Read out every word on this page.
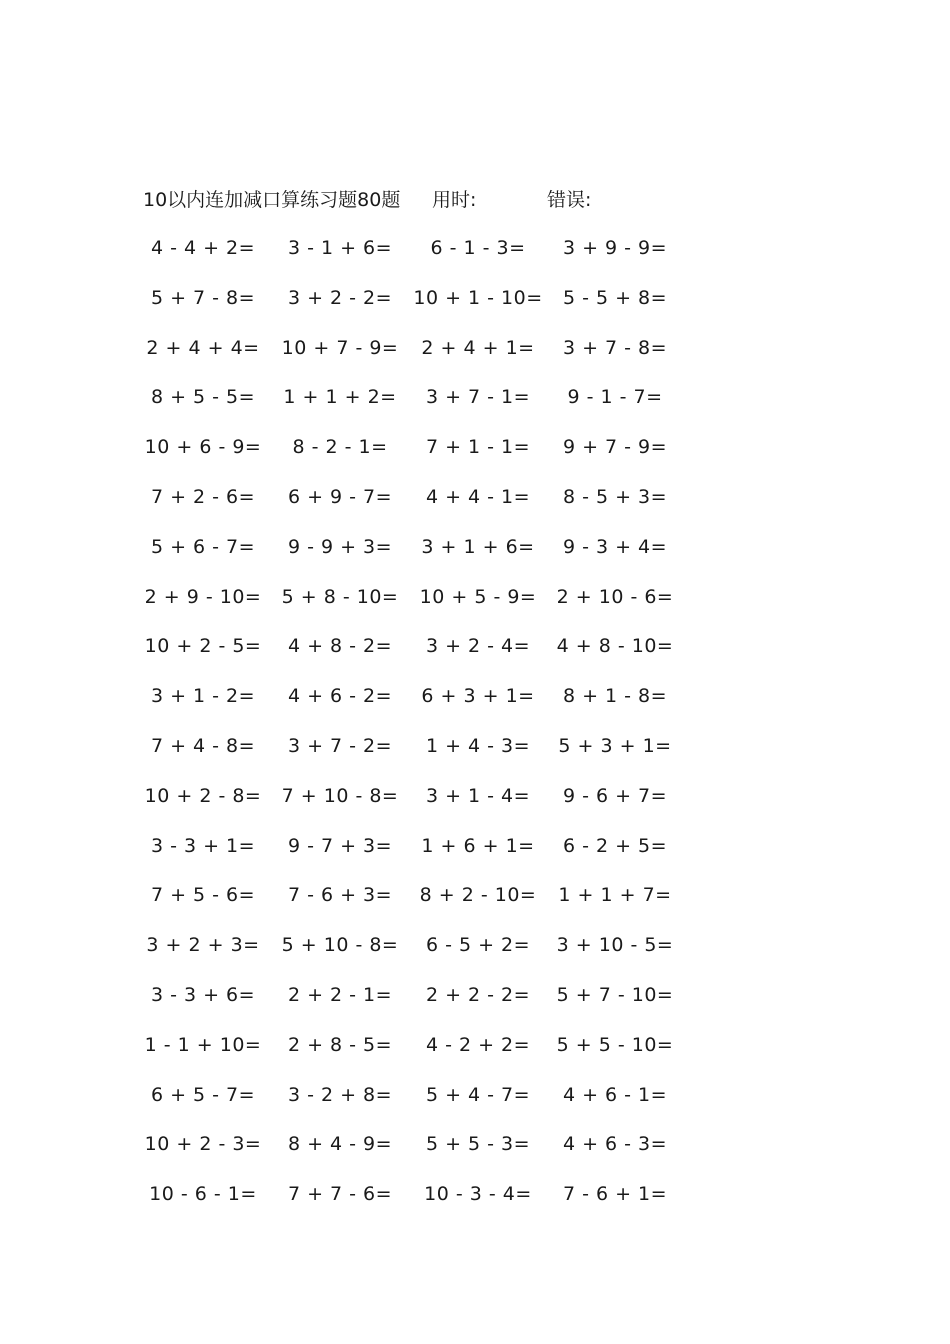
10以内连加减口算练习题80题 用时:	错误:
4 - 4 + 2= 3 - 1 + 6= 6 - 1 - 3= 3 + 9 - 9=
5 + 7 - 8= 3 + 2 - 2= 10 + 1 - 10= 5 - 5 + 8=
2 + 4 + 4= 10 + 7 - 9= 2 + 4 + 1= 3 + 7 - 8=
8 + 5 - 5= 1 + 1 + 2= 3 + 7 - 1= 9 - 1 - 7=
10 + 6 - 9= 8 - 2 - 1= 7 + 1 - 1= 9 + 7 - 9=
7 + 2 - 6= 6 + 9 - 7= 4 + 4 - 1= 8 - 5 + 3=
5 + 6 - 7= 9 - 9 + 3= 3 + 1 + 6= 9 - 3 + 4=
2 + 9 - 10= 5 + 8 - 10= 10 + 5 - 9= 2 + 10 - 6=
10 + 2 - 5= 4 + 8 - 2= 3 + 2 - 4= 4 + 8 - 10=
3 + 1 - 2= 4 + 6 - 2= 6 + 3 + 1= 8 + 1 - 8=
7 + 4 - 8= 3 + 7 - 2= 1 + 4 - 3= 5 + 3 + 1=
10 + 2 - 8= 7 + 10 - 8= 3 + 1 - 4= 9 - 6 + 7=
3 - 3 + 1= 9 - 7 + 3= 1 + 6 + 1= 6 - 2 + 5=
7 + 5 - 6= 7 - 6 + 3= 8 + 2 - 10= 1 + 1 + 7=
3 + 2 + 3= 5 + 10 - 8= 6 - 5 + 2= 3 + 10 - 5=
3 - 3 + 6= 2 + 2 - 1= 2 + 2 - 2= 5 + 7 - 10=
1 - 1 + 10= 2 + 8 - 5= 4 - 2 + 2= 5 + 5 - 10=
6 + 5 - 7= 3 - 2 + 8= 5 + 4 - 7= 4 + 6 - 1=
10 + 2 - 3= 8 + 4 - 9= 5 + 5 - 3= 4 + 6 - 3=
10 - 6 - 1= 7 + 7 - 6= 10 - 3 - 4= 7 - 6 + 1=
